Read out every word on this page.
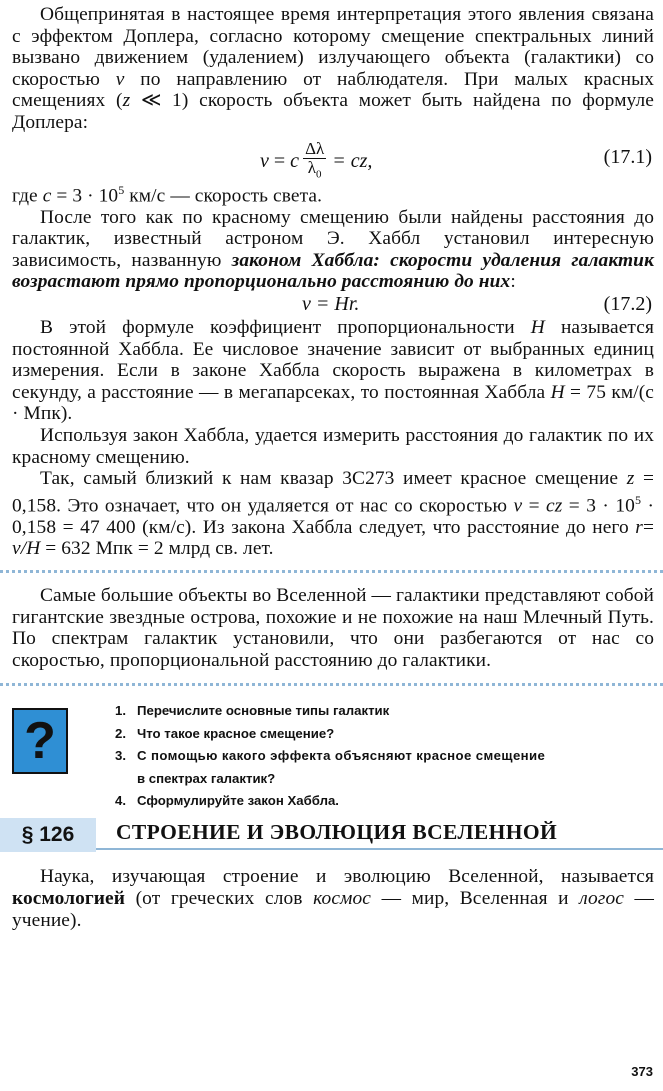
Общепринятая в настоящее время интерпретация этого явления связана с эффектом Доплера, согласно которому смещение спектральных линий вызвано движением (удалением) излучающего объекта (галактики) со скоростью v по направлению от наблюдателя. При малых красных смещениях (z ≪ 1) скорость объекта может быть найдена по формуле Доплера:

v
=
c $\frac{\Delta\lambda}{\lambda_0}$ = cz,	(17.1)

где $c = 3 \cdot 10^5$ км/с — скорость света.

После того как по красному смещению были найдены расстояния до галактик, известный астроном Э. Хаббл установил интересную зависимость, названную законом Хаббла: скорости удаления галактик возрастают прямо пропорционально расстоянию до них:

v = Hr.	(17.2)

В этой формуле коэффициент пропорциональности H называется постоянной Хаббла. Ее числовое значение зависит от выбранных единиц измерения. Если в законе Хаббла скорость выражена в километрах в секунду, а расстояние — в мегапарсеках, то постоянная Хаббла H = 75 км/(с · Мпк).

Используя закон Хаббла, удается измерить расстояния до галактик по их красному смещению.

Так, самый близкий к нам квазар 3С273 имеет красное смещение z = 0,158. Это означает, что он удаляется от нас со скоростью v = cz = $3 \cdot 10^5 \cdot 0,158 = 47$ 400 (км/с). Из закона Хаббла следует, что расстояние до него r= v/H = 632 Мпк = 2 млрд св. лет.

Самые большие объекты во Вселенной — галактики представляют собой гигантские звездные острова, похожие и не похожие на наш Млечный Путь. По спектрам галактик установили, что они разбегаются от нас со скоростью, пропорциональной расстоянию до галактики.

?
1. Перечислите основные типы галактик
2. Что такое красное смещение?
3. С помощью какого эффекта объясняют красное смещение
в спектрах галактик?
4. Сформулируйте закон Хаббла.
§ 126	СТРОЕНИЕ И ЭВОЛЮЦИЯ ВСЕЛЕННОЙ

Наука, изучающая строение и эволюцию Вселенной, называется космологией (от греческих слов космос — мир, Вселенная и логос — учение).

373
